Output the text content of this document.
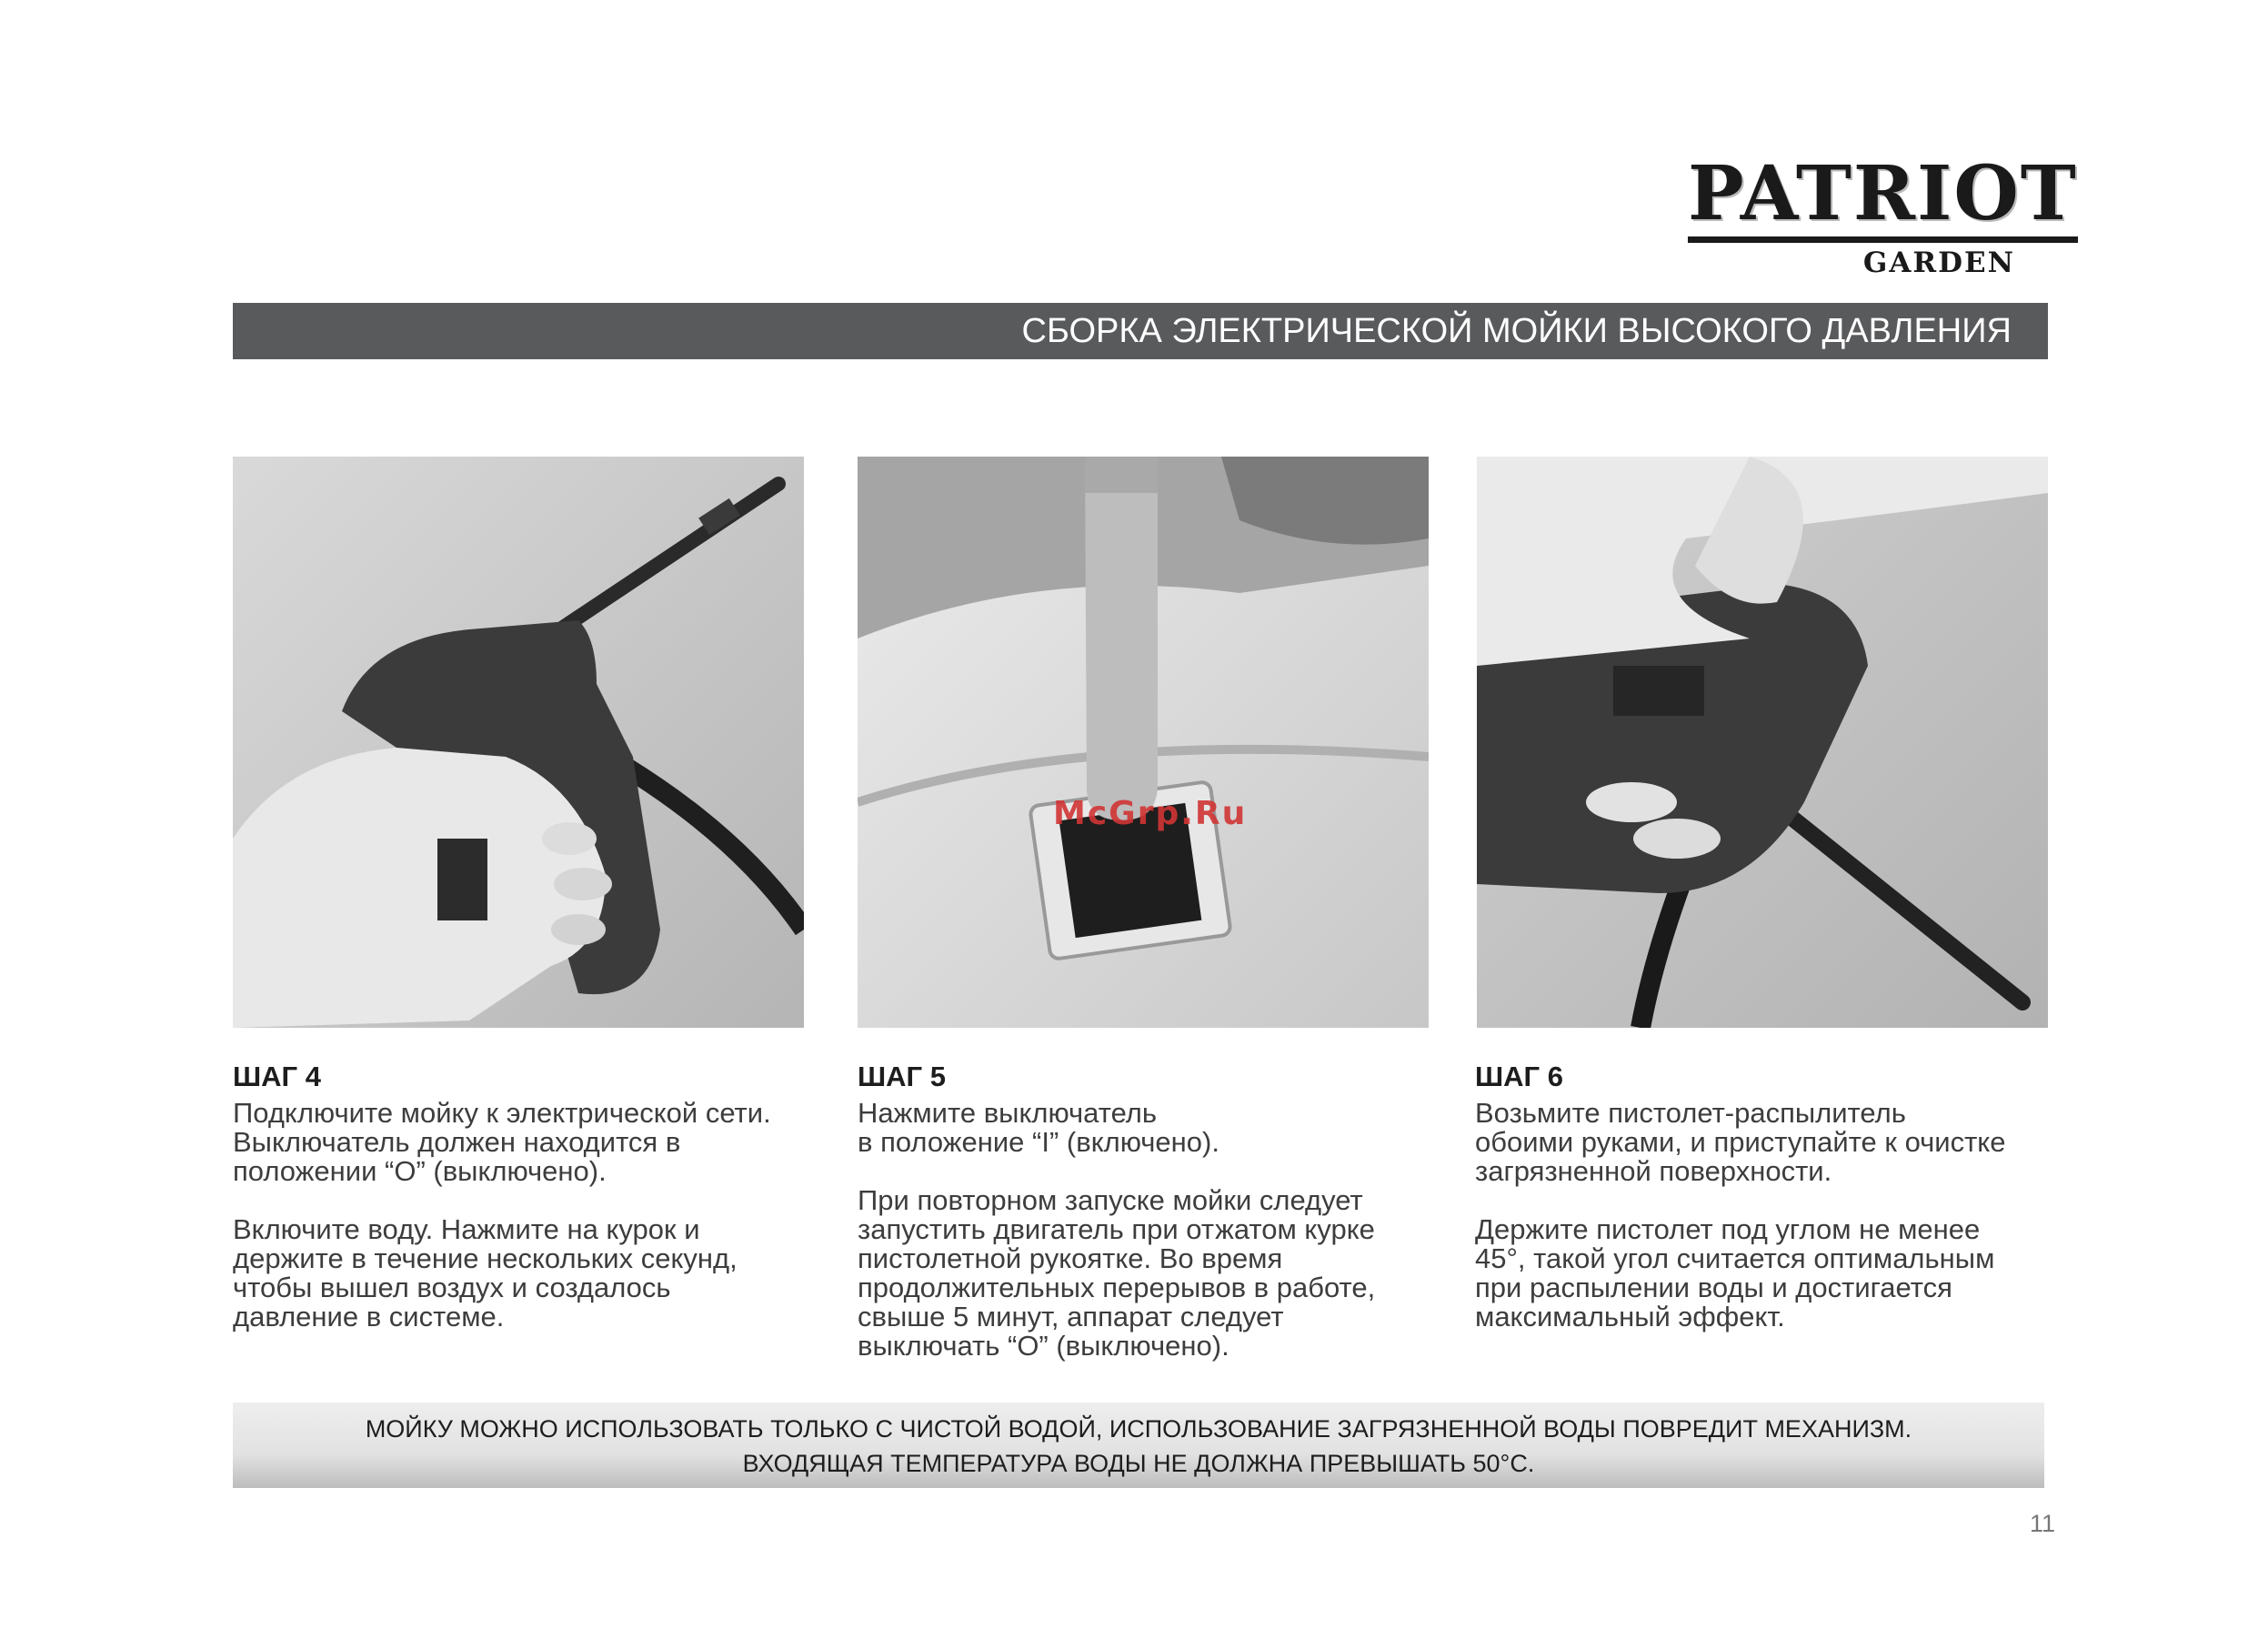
PATRIOT
GARDEN
СБОРКА ЭЛЕКТРИЧЕСКОЙ МОЙКИ ВЫСОКОГО ДАВЛЕНИЯ
McGrp.Ru
ШАГ 4

Подключите мойку к электрической сети.
Выключатель должен находится в
положении “О” (выключено).

Включите воду. Нажмите на курок и
держите в течение нескольких секунд,
чтобы вышел воздух и создалось
давление в системе.

ШАГ 5

Нажмите выключатель
в положение “I” (включено).

При повторном запуске мойки следует
запустить двигатель при отжатом курке
пистолетной рукоятке. Во время
продолжительных перерывов в работе,
свыше 5 минут, аппарат следует
выключать “О” (выключено).

ШАГ 6

Возьмите пистолет-распылитель
обоими руками, и приступайте к очистке
загрязненной поверхности.

Держите пистолет под углом не менее
45°, такой угол считается оптимальным
при распылении воды и достигается
максимальный эффект.

МОЙКУ МОЖНО ИСПОЛЬЗОВАТЬ ТОЛЬКО С ЧИСТОЙ ВОДОЙ, ИСПОЛЬЗОВАНИЕ ЗАГРЯЗНЕННОЙ ВОДЫ ПОВРЕДИТ МЕХАНИЗМ.
ВХОДЯЩАЯ ТЕМПЕРАТУРА ВОДЫ НЕ ДОЛЖНА ПРЕВЫШАТЬ 50°С.
11
